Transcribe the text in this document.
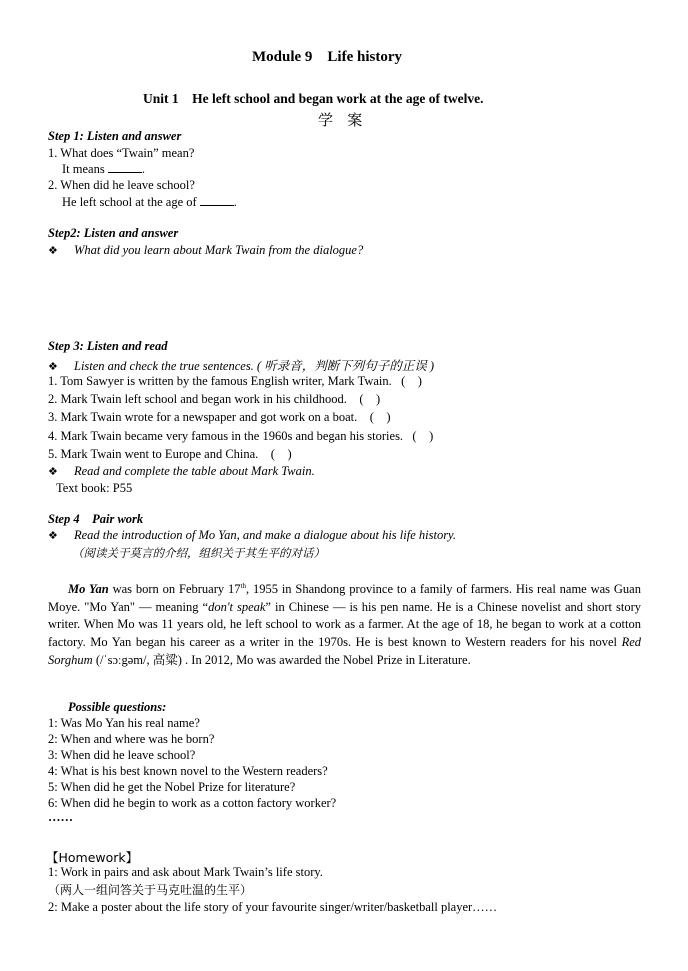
Module 9    Life history
Unit 1    He left school and began work at the age of twelve.
学   案
Step 1: Listen and answer
1. What does “Twain” mean?
It means	.
2. When did he leave school?
He left school at the age of	.
Step2: Listen and answer
❖ What did you learn about Mark Twain from the dialogue?
Step 3: Listen and read
❖ Listen and check the true sentences. ( 听录音，判断下列句子的正误 )
1. Tom Sawyer is written by the famous English writer, Mark Twain.   (    )
2. Mark Twain left school and began work in his childhood.    (    )
3. Mark Twain wrote for a newspaper and got work on a boat.    (    )
4. Mark Twain became very famous in the 1960s and began his stories.   (    )
5. Mark Twain went to Europe and China.    (    )
❖ Read and complete the table about Mark Twain.
Text book: P55
Step 4    Pair work
❖ Read the introduction of Mo Yan, and make a dialogue about his life history.
（阅读关于莫言的介绍，组织关于其生平的对话）

Mo Yan was born on February 17th, 1955 in Shandong province to a family of farmers. His real name was Guan Moye. "Mo Yan" — meaning “don't speak” in Chinese — is his pen name. He is a Chinese novelist and short story writer. When Mo was 11 years old, he left school to work as a farmer. At the age of 18, he began to work at a cotton factory. Mo Yan began his career as a writer in the 1970s. He is best known to Western readers for his novel Red Sorghum (/ˈsɔːgəm/, 高粱) . In 2012, Mo was awarded the Nobel Prize in Literature.

Possible questions:
1: Was Mo Yan his real name?
2: When and where was he born?
3: When did he leave school?
4: What is his best known novel to the Western readers?
5: When did he get the Nobel Prize for literature?
6: When did he begin to work as a cotton factory worker?
……
【Homework】
1: Work in pairs and ask about Mark Twain’s life story.
（两人一组问答关于马克吐温的生平）
2: Make a poster about the life story of your favourite singer/writer/basketball player……
